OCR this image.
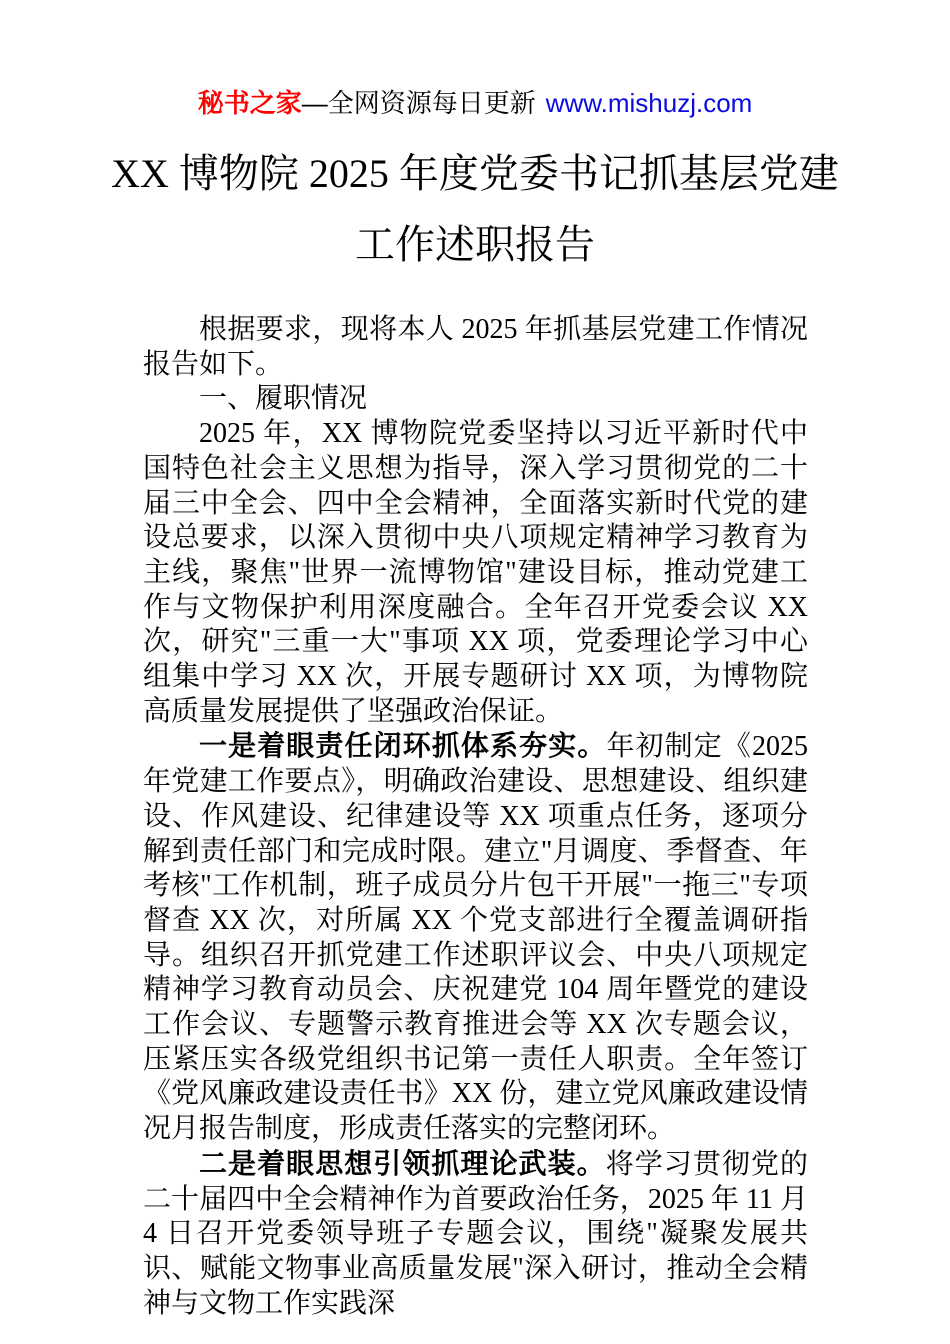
秘书之家—全网资源每日更新 www.mishuzj.com
XX 博物院 2025 年度党委书记抓基层党建
工作述职报告

根据要求，现将本人 2025 年抓基层党建工作情况报告如下。

一、履职情况

2025 年，XX 博物院党委坚持以习近平新时代中国特色社会主义思想为指导，深入学习贯彻党的二十届三中全会、四中全会精神，全面落实新时代党的建设总要求，以深入贯彻中央八项规定精神学习教育为主线，聚焦"世界一流博物馆"建设目标，推动党建工作与文物保护利用深度融合。全年召开党委会议 XX 次，研究"三重一大"事项 XX 项，党委理论学习中心组集中学习 XX 次，开展专题研讨 XX 项，为博物院高质量发展提供了坚强政治保证。

一是着眼责任闭环抓体系夯实。年初制定《2025 年党建工作要点》，明确政治建设、思想建设、组织建设、作风建设、纪律建设等 XX 项重点任务，逐项分解到责任部门和完成时限。建立"月调度、季督查、年考核"工作机制，班子成员分片包干开展"一拖三"专项督查 XX 次，对所属 XX 个党支部进行全覆盖调研指导。组织召开抓党建工作述职评议会、中央八项规定精神学习教育动员会、庆祝建党 104 周年暨党的建设工作会议、专题警示教育推进会等 XX 次专题会议，压紧压实各级党组织书记第一责任人职责。全年签订《党风廉政建设责任书》XX 份，建立党风廉政建设情况月报告制度，形成责任落实的完整闭环。

二是着眼思想引领抓理论武装。将学习贯彻党的二十届四中全会精神作为首要政治任务，2025 年 11 月 4 日召开党委领导班子专题会议，围绕"凝聚发展共识、赋能文物事业高质量发展"深入研讨，推动全会精神与文物工作实践深
